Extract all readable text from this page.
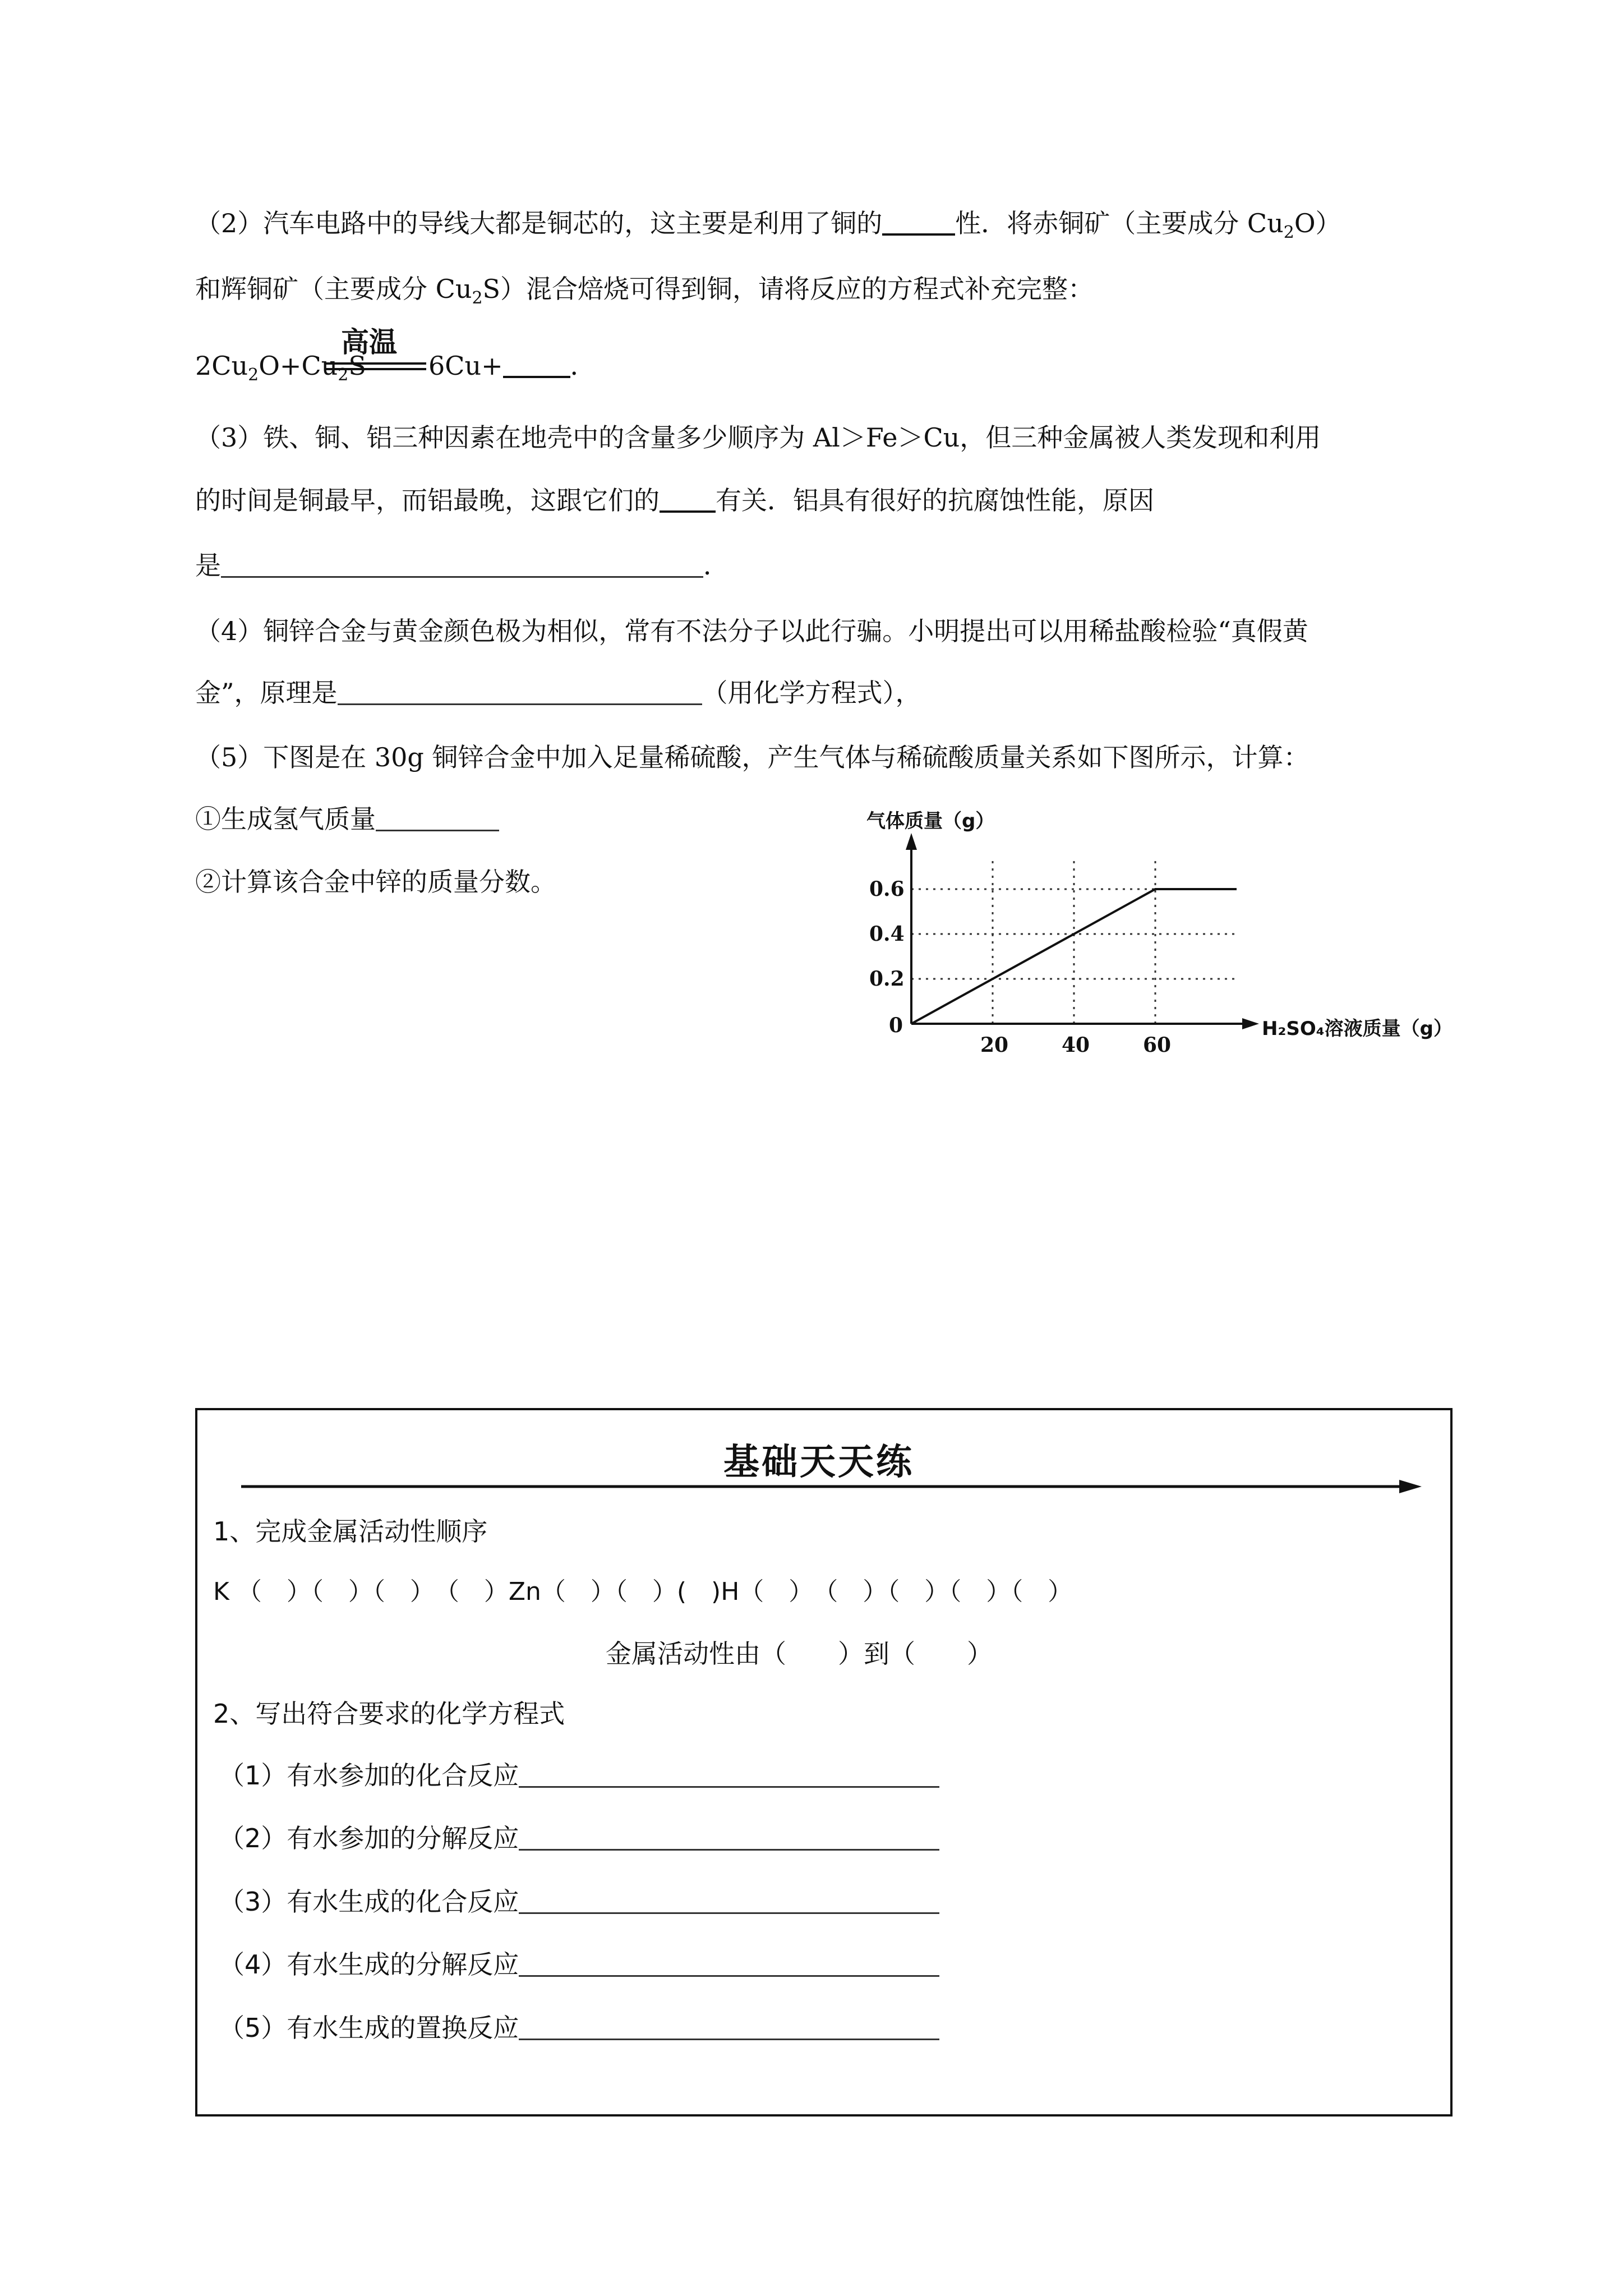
（2）汽车电路中的导线大都是铜芯的，这主要是利用了铜的	性．将赤铜矿（主要成分 $Cu_2O$）
和辉铜矿（主要成分 $Cu_2S$）混合焙烧可得到铜，请将反应的方程式补充完整：
高温
$2Cu_2O+Cu_2S$ 6Cu+	．
（3）铁、铜、铝三种因素在地壳中的含量多少顺序为 Al＞Fe＞Cu，但三种金属被人类发现和利用
的时间是铜最早，而铝最晚，这跟它们的 有关．铝具有很好的抗腐蚀性能，原因
是	．
（4）铜锌合金与黄金颜色极为相似，常有不法分子以此行骗。小明提出可以用稀盐酸检验“真假黄
金”，原理是	（用化学方程式），
（5）下图是在 30g 铜锌合金中加入足量稀硫酸，产生气体与稀硫酸质量关系如下图所示，计算：
①生成氢气质量
②计算该合金中锌的质量分数。
0
20	40	60
0.2
0.4
0.6
气体质量（g）
H₂SO₄溶液质量（g）
基础天天练
1、完成金属活动性顺序
K （　）（　）（　）　（　）Zn（　）（　）(　)H（　）　（　）（　）（　）（　）
金属活动性由（　　）到（　　）
2、写出符合要求的化学方程式
（1）有水参加的化合反应
（2）有水参加的分解反应
（3）有水生成的化合反应
（4）有水生成的分解反应
（5）有水生成的置换反应
